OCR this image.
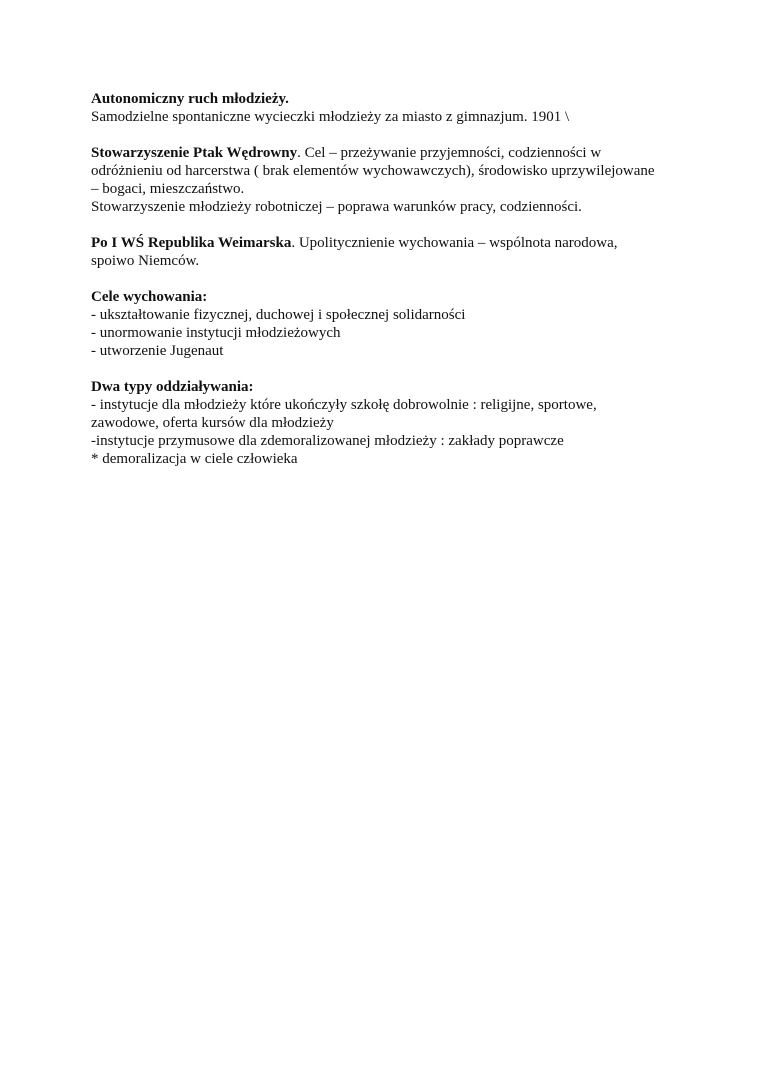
Autonomiczny ruch młodzieży.
Samodzielne spontaniczne wycieczki młodzieży za miasto z gimnazjum. 1901 \
Stowarzyszenie Ptak Wędrowny. Cel – przeżywanie przyjemności, codzienności w
odróżnieniu od harcerstwa ( brak elementów wychowawczych), środowisko uprzywilejowane
– bogaci, mieszczaństwo.
Stowarzyszenie młodzieży robotniczej – poprawa warunków pracy, codzienności.
Po I WŚ Republika Weimarska. Upolitycznienie wychowania – wspólnota narodowa,
spoiwo Niemców.
Cele wychowania:
- ukształtowanie fizycznej, duchowej i społecznej solidarności
- unormowanie instytucji młodzieżowych
- utworzenie Jugenaut
Dwa typy oddziaływania:
- instytucje dla młodzieży które ukończyły szkołę dobrowolnie : religijne, sportowe,
zawodowe, oferta kursów dla młodzieży
-instytucje przymusowe dla zdemoralizowanej młodzieży : zakłady poprawcze
* demoralizacja w ciele człowieka
